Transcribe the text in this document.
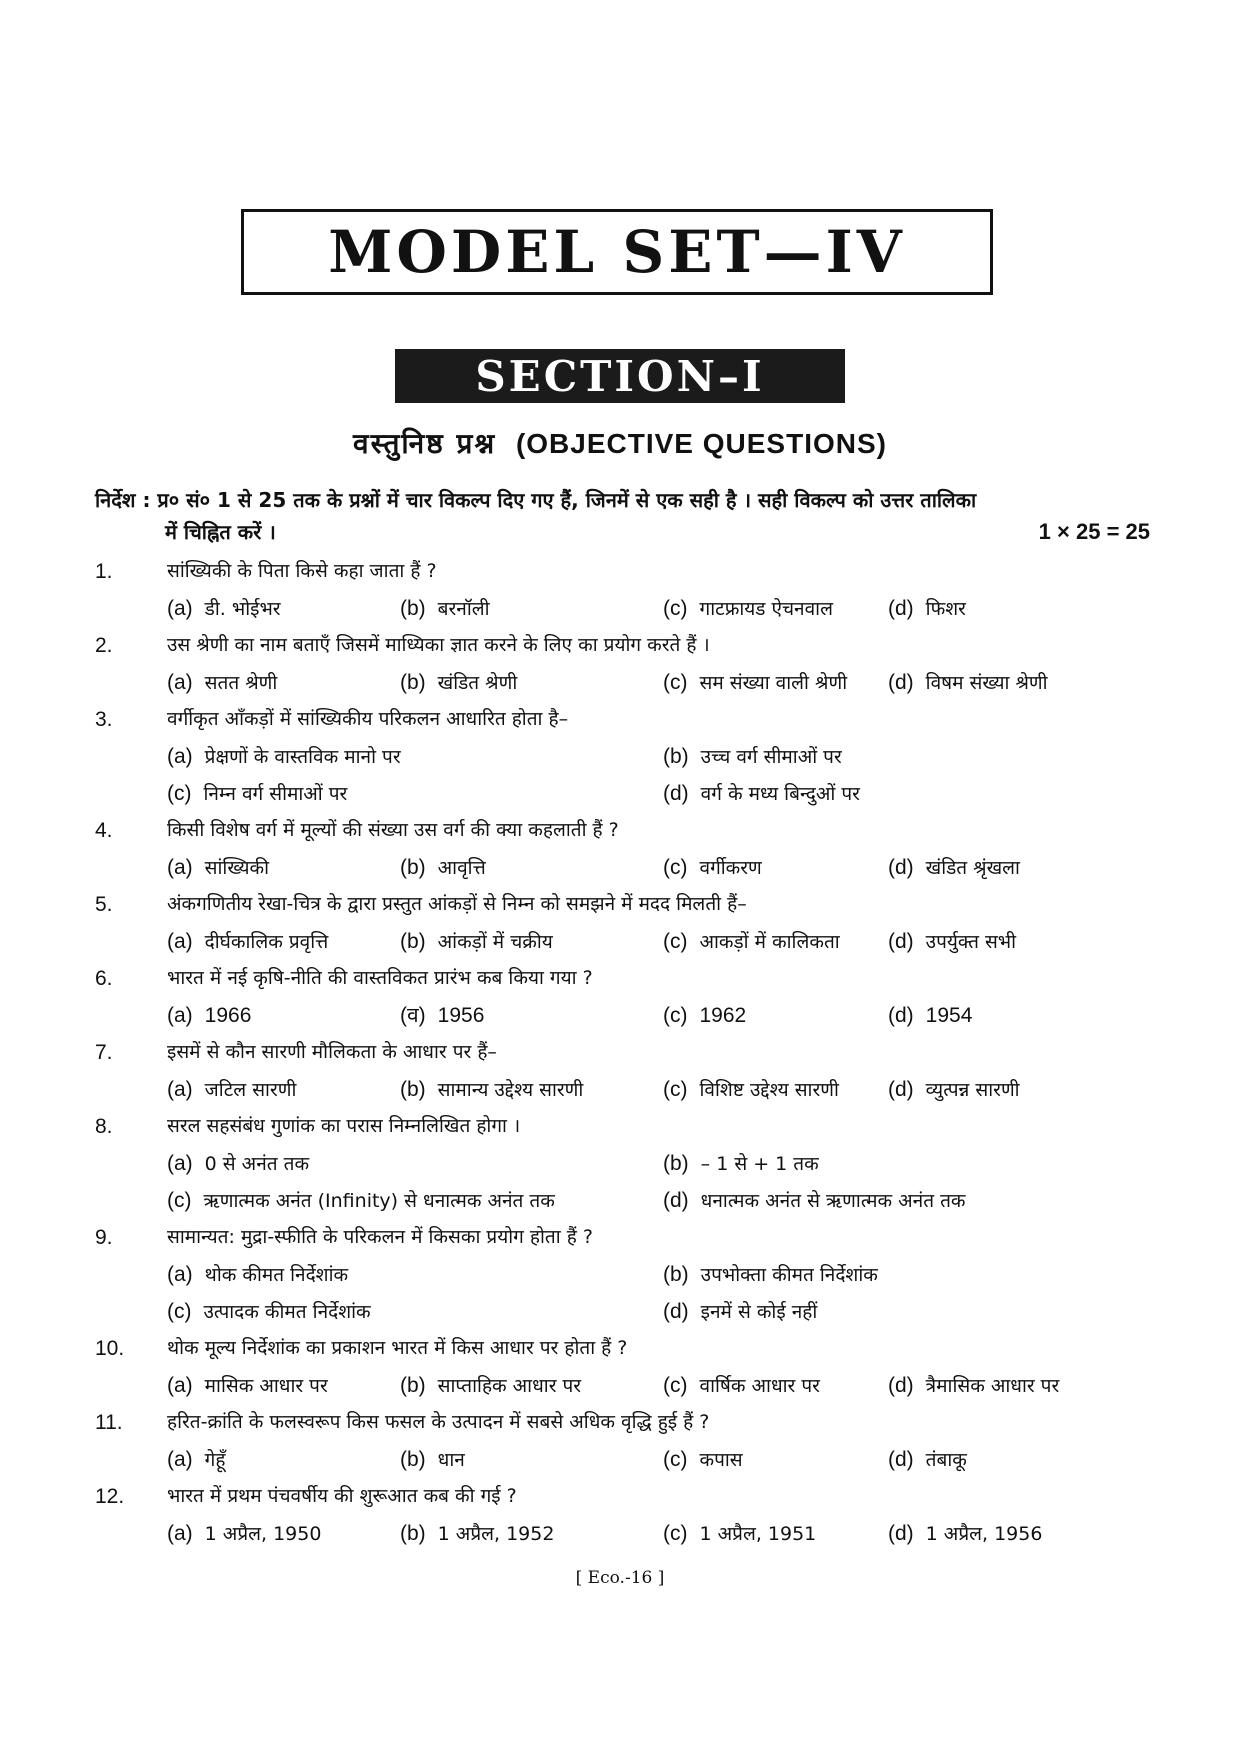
MODEL SET—IV
SECTION–I
वस्तुनिष्ठ प्रश्न (OBJECTIVE QUESTIONS)
निर्देश : प्र० सं० 1 से 25 तक के प्रश्नों में चार विकल्प दिए गए हैं, जिनमें से एक सही है । सही विकल्प को उत्तर तालिका
में चिह्नित करें ।	1 × 25 = 25
1.	सांख्यिकी के पिता किसे कहा जाता हैं ?
(a) डी. भोईभर	(b) बरनॉली	(c) गाटफ्रायड ऐचनवाल	(d) फिशर
2.	उस श्रेणी का नाम बताएँ जिसमें माध्यिका ज्ञात करने के लिए का प्रयोग करते हैं ।
(a) सतत श्रेणी	(b) खंडित श्रेणी	(c) सम संख्या वाली श्रेणी (d) विषम संख्या श्रेणी
3.	वर्गीकृत आँकड़ों में सांख्यिकीय परिकलन आधारित होता है–
(a) प्रेक्षणों के वास्तविक मानो पर	(b) उच्च वर्ग सीमाओं पर
(c) निम्न वर्ग सीमाओं पर	(d) वर्ग के मध्य बिन्दुओं पर
4.	किसी विशेष वर्ग में मूल्यों की संख्या उस वर्ग की क्या कहलाती हैं ?
(a) सांख्यिकी	(b) आवृत्ति	(c) वर्गीकरण	(d) खंडित श्रृंखला
5.	अंकगणितीय रेखा-चित्र के द्वारा प्रस्तुत आंकड़ों से निम्न को समझने में मदद मिलती हैं–
(a) दीर्घकालिक प्रवृत्ति	(b) आंकड़ों में चक्रीय	(c) आकड़ों में कालिकता (d) उपर्युक्त सभी
6.	भारत में नई कृषि-नीति की वास्तविकत प्रारंभ कब किया गया ?
(a) 1966	(व) 1956	(c) 1962	(d) 1954
7.	इसमें से कौन सारणी मौलिकता के आधार पर हैं–
(a) जटिल सारणी	(b) सामान्य उद्देश्य सारणी	(c) विशिष्ट उद्देश्य सारणी (d) व्युत्पन्न सारणी
8.	सरल सहसंबंध गुणांक का परास निम्नलिखित होगा ।
(a) 0 से अनंत तक	(b) – 1 से + 1 तक
(c) ऋणात्मक अनंत (Infinity) से धनात्मक अनंत तक	(d) धनात्मक अनंत से ऋणात्मक अनंत तक
9.	सामान्यत: मुद्रा-स्फीति के परिकलन में किसका प्रयोग होता हैं ?
(a) थोक कीमत निर्देशांक	(b) उपभोक्ता कीमत निर्देशांक
(c) उत्पादक कीमत निर्देशांक	(d) इनमें से कोई नहीं
10. थोक मूल्य निर्देशांक का प्रकाशन भारत में किस आधार पर होता हैं ?
(a) मासिक आधार पर	(b) साप्ताहिक आधार पर	(c) वार्षिक आधार पर	(d) त्रैमासिक आधार पर
11. हरित-क्रांति के फलस्वरूप किस फसल के उत्पादन में सबसे अधिक वृद्धि हुई हैं ?
(a) गेहूँ	(b) धान	(c) कपास	(d) तंबाकू
12. भारत में प्रथम पंचवर्षीय की शुरूआत कब की गई ?
(a) 1 अप्रैल, 1950	(b) 1 अप्रैल, 1952	(c) 1 अप्रैल, 1951	(d) 1 अप्रैल, 1956
[ Eco.-16 ]
